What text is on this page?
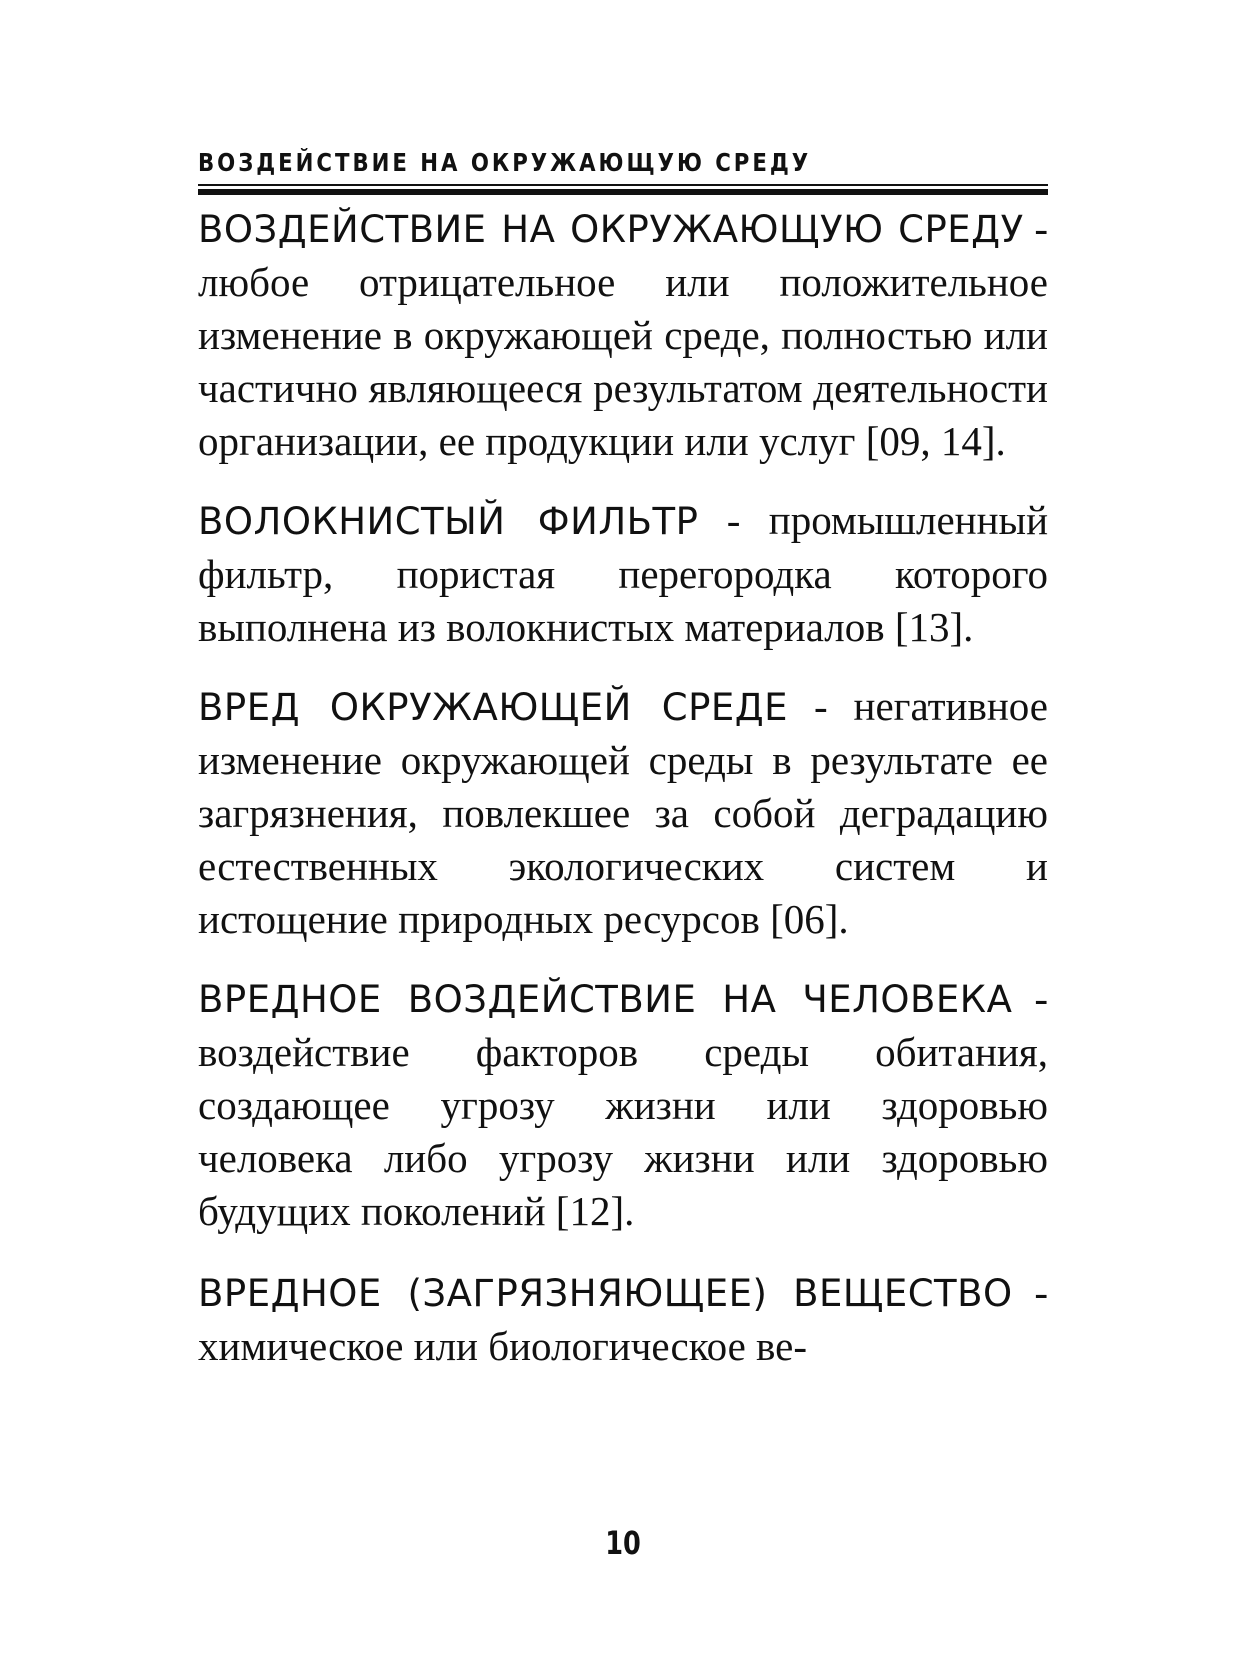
ВОЗДЕЙСТВИЕ НА ОКРУЖАЮЩУЮ СРЕДУ

ВОЗДЕЙСТВИЕ НА ОКРУЖАЮЩУЮ СРЕДУ - любое отрицательное или положительное изменение в окружающей среде, полностью или частично являющееся результатом деятельности организации, ее продукции или услуг [09, 14].

ВОЛОКНИСТЫЙ ФИЛЬТР - промышленный фильтр, пористая перегородка которого выполнена из волокнистых материалов [13].

ВРЕД ОКРУЖАЮЩЕЙ СРЕДЕ - негативное изменение окружающей среды в результате ее загрязнения, повлекшее за собой деградацию естественных экологических систем и истощение природных ресурсов [06].

ВРЕДНОЕ ВОЗДЕЙСТВИЕ НА ЧЕЛОВЕКА - воздействие факторов среды обитания, создающее угрозу жизни или здоровью человека либо угрозу жизни или здоровью будущих поколений [12].

ВРЕДНОЕ (ЗАГРЯЗНЯЮЩЕЕ) ВЕЩЕСТВО - химическое или биологическое ве-

10
